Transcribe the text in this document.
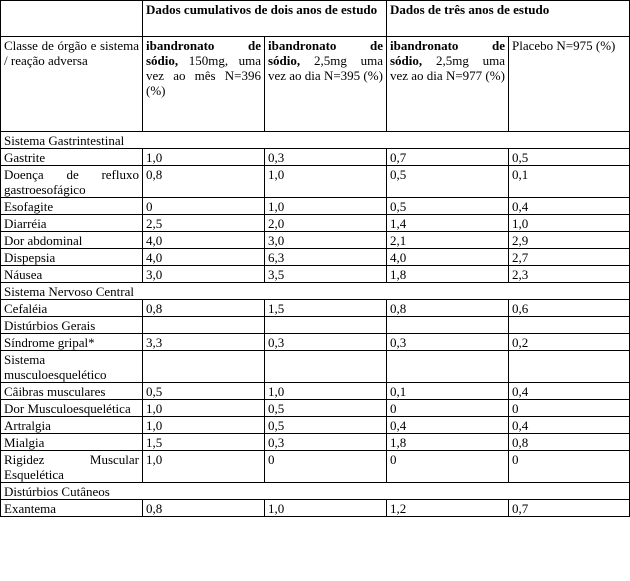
	Dados cumulativos de dois anos de estudo		Dados de três anos de estudo	
Classe de órgão e sistema / reação adversa	ibandronato de sódio, 150mg, uma vez ao mês N=396 (%)	ibandronato de sódio, 2,5mg uma vez ao dia N=395 (%)	ibandronato de sódio, 2,5mg uma vez ao dia N=977 (%)	Placebo N=975 (%)
Sistema Gastrintestinal				
Gastrite	1,0	0,3	0,7	0,5
Doença de refluxo gastroesofágico	0,8	1,0	0,5	0,1
Esofagite	0	1,0	0,5	0,4
Diarréia	2,5	2,0	1,4	1,0
Dor abdominal	4,0	3,0	2,1	2,9
Dispepsia	4,0	6,3	4,0	2,7
Náusea	3,0	3,5	1,8	2,3
Sistema Nervoso Central				
Cefaléia	0,8	1,5	0,8	0,6
Distúrbios Gerais				
Síndrome gripal*	3,3	0,3	0,3	0,2
Sistema musculoesquelético				
Câibras musculares	0,5	1,0	0,1	0,4
Dor Musculoesquelética	1,0	0,5	0	0
Artralgia	1,0	0,5	0,4	0,4
Mialgia	1,5	0,3	1,8	0,8
Rigidez Muscular Esquelética	1,0	0	0	0
Distúrbios Cutâneos				
Exantema	0,8	1,0	1,2	0,7
